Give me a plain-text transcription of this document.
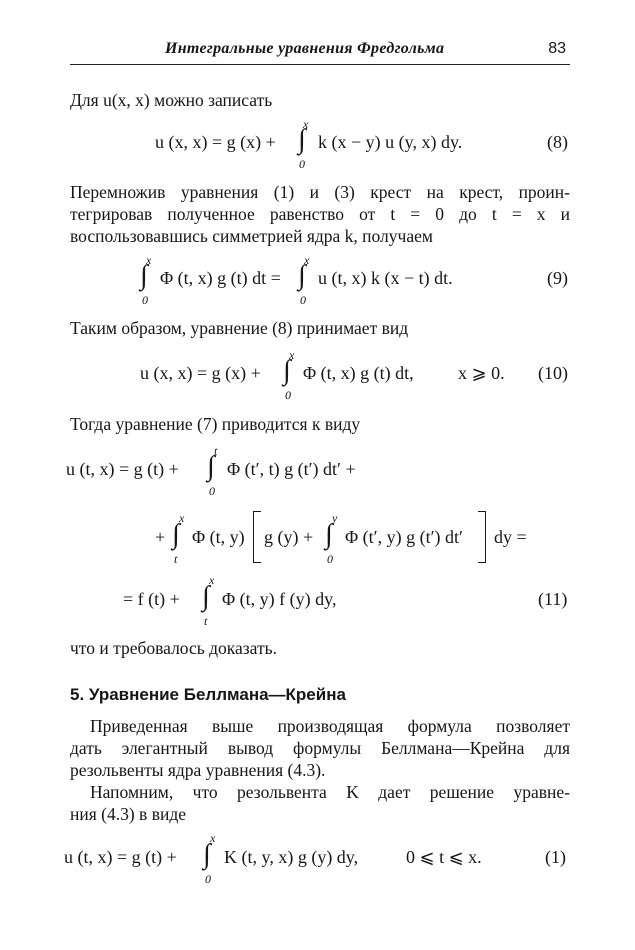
Интегральные уравнения Фредгольма	83
Для u(x, x) можно записать
u (x, x) = g (x) + ∫
x
0
k (x − y) u (y, x) dy.	(8)
Перемножив уравнения (1) и (3) крест на крест, проин-
тегрировав полученное равенство от t = 0 до t = x и
воспользовавшись симметрией ядра k, получаем
∫
x
0
Φ (t, x) g (t) dt = ∫
x
0
u (t, x) k (x − t) dt.	(9)
Таким образом, уравнение (8) принимает вид
u (x, x) = g (x) + ∫
x
0
Φ (t, x) g (t) dt, x ⩾ 0. (10)
Тогда уравнение (7) приводится к виду
u (t, x) = g (t) + ∫ t
0
Φ (t′, t) g (t′) dt′ +
+ ∫
x
t
Φ (t, y) g (y) + ∫
y
0
Φ (t′, y) g (t′) dt′ dy =
= f (t) + ∫
x
t
Φ (t, y) f (y) dy,	(11)
что и требовалось доказать.
5. Уравнение Беллмана—Крейна
Приведенная выше производящая формула позволяет
дать элегантный вывод формулы Беллмана—Крейна для
резольвенты ядра уравнения (4.3).
Напомним, что резольвента K дает решение уравне-
ния (4.3) в виде
u (t, x) = g (t) + ∫
x
0
K (t, y, x) g (y) dy,	0 ⩽ t ⩽ x.	(1)
